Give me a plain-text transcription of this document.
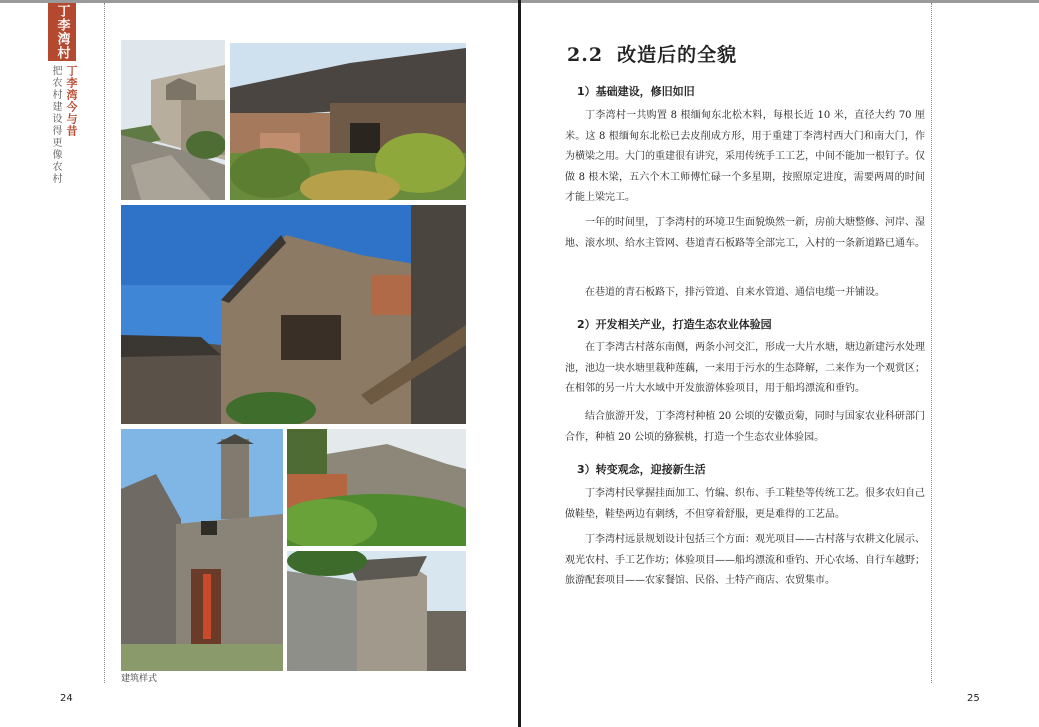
丁李湾村
丁李湾今与昔
把农村建设得更像农村
建筑样式
24
2.2 改造后的全貌
1）基础建设，修旧如旧

丁李湾村一共购置 8 根缅甸东北松木料，每根长近 10 米，直径大约 70 厘米。这 8 根缅甸东北松已去皮削成方形，用于重建丁李湾村西大门和南大门，作为横梁之用。大门的重建很有讲究，采用传统手工工艺，中间不能加一根钉子。仅做 8 根木梁，五六个木工师傅忙碌一个多星期，按照原定进度，需要两周的时间才能上梁完工。

一年的时间里，丁李湾村的环境卫生面貌焕然一新，房前大塘整修、河岸、湿地、滚水坝、给水主管网、巷道青石板路等全部完工，入村的一条新道路已通车。

在巷道的青石板路下，排污管道、自来水管道、通信电缆一并铺设。

2）开发相关产业，打造生态农业体验园

在丁李湾古村落东南侧，两条小河交汇，形成一大片水塘，塘边新建污水处理池，池边一块水塘里栽种莲藕，一来用于污水的生态降解，二来作为一个观赏区；在相邻的另一片大水域中开发旅游体验项目，用于船坞漂流和垂钓。

结合旅游开发，丁李湾村种植 20 公顷的安徽贡菊，同时与国家农业科研部门合作，种植 20 公顷的猕猴桃，打造一个生态农业体验园。

3）转变观念，迎接新生活

丁李湾村民掌握挂面加工、竹编、织布、手工鞋垫等传统工艺。很多农妇自己做鞋垫，鞋垫两边有刺绣，不但穿着舒服，更是难得的工艺品。

丁李湾村远景规划设计包括三个方面：观光项目——古村落与农耕文化展示、观光农村、手工艺作坊；体验项目——船坞漂流和垂钓、开心农场、自行车越野；旅游配套项目——农家餐馆、民俗、土特产商店、农贸集市。

25
